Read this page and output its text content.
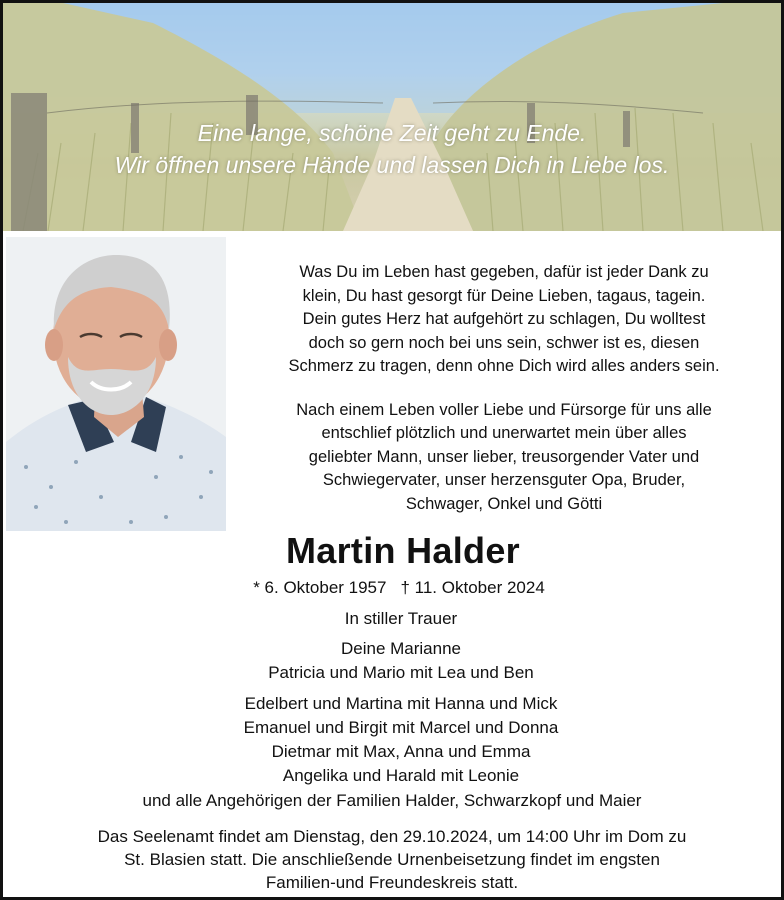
Eine lange, schöne Zeit geht zu Ende.
Wir öffnen unsere Hände und lassen Dich in Liebe los.
Was Du im Leben hast gegeben, dafür ist jeder Dank zu
klein, Du hast gesorgt für Deine Lieben, tagaus, tagein.
Dein gutes Herz hat aufgehört zu schlagen, Du wolltest
doch so gern noch bei uns sein, schwer ist es, diesen
Schmerz zu tragen, denn ohne Dich wird alles anders sein.
Nach einem Leben voller Liebe und Fürsorge für uns alle
entschlief plötzlich und unerwartet mein über alles
geliebter Mann, unser lieber, treusorgender Vater und
Schwiegervater, unser herzensguter Opa, Bruder,
Schwager, Onkel und Götti
Martin Halder
* 6. Oktober 1957 † 11. Oktober 2024
In stiller Trauer
Deine Marianne
Patricia und Mario mit Lea und Ben
Edelbert und Martina mit Hanna und Mick
Emanuel und Birgit mit Marcel und Donna
Dietmar mit Max, Anna und Emma
Angelika und Harald mit Leonie
und alle Angehörigen der Familien Halder, Schwarzkopf und Maier
Das Seelenamt findet am Dienstag, den 29.10.2024, um 14:00 Uhr im Dom zu
St. Blasien statt. Die anschließende Urnenbeisetzung findet im engsten
Familien-und Freundeskreis statt.
